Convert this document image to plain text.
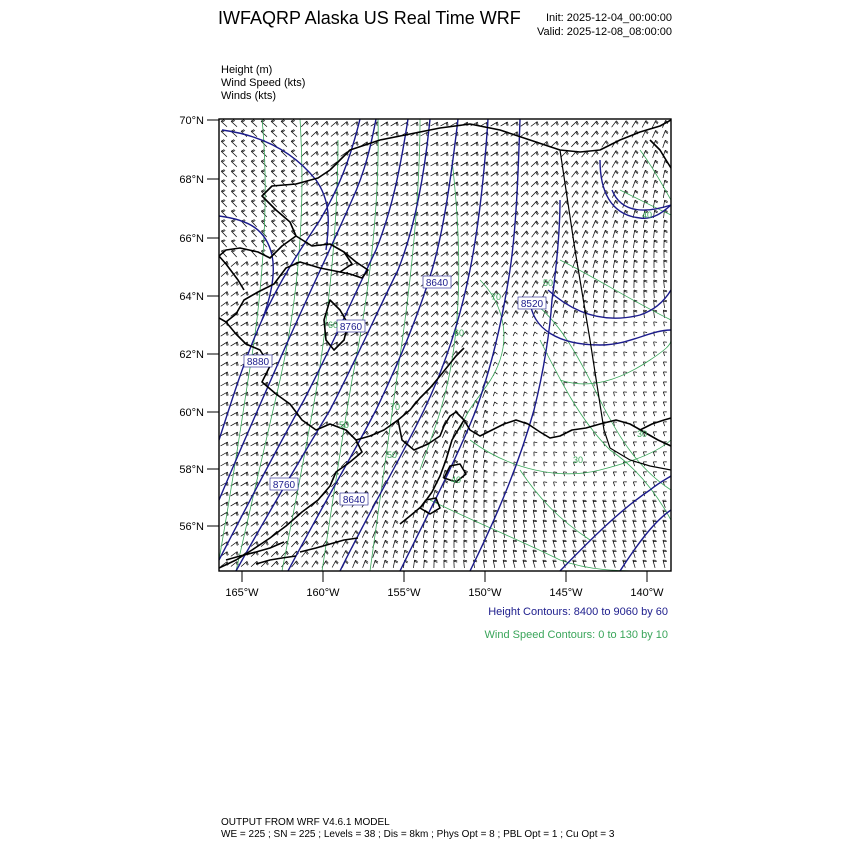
IWFAQRP Alaska US Real Time WRF Init: 2025-12-04_00:00:00
Valid: 2025-12-08_08:00:00
Height (m)
Wind Speed (kts)
Winds (kts)
70°N
68°N
66°N
64°N
62°N
60°N
58°N
56°N
165°W	160°W	155°W	150°W	145°W	140°W
8640
8520
8760
8880
8760
8640
60
60
70
50
70
40
30
50
40
30
50
Height Contours: 8400 to 9060 by 60
Wind Speed Contours: 0 to 130 by 10
OUTPUT FROM WRF V4.6.1 MODEL
WE = 225 ; SN = 225 ; Levels = 38 ; Dis = 8km ; Phys Opt = 8 ; PBL Opt = 1 ; Cu Opt = 3
